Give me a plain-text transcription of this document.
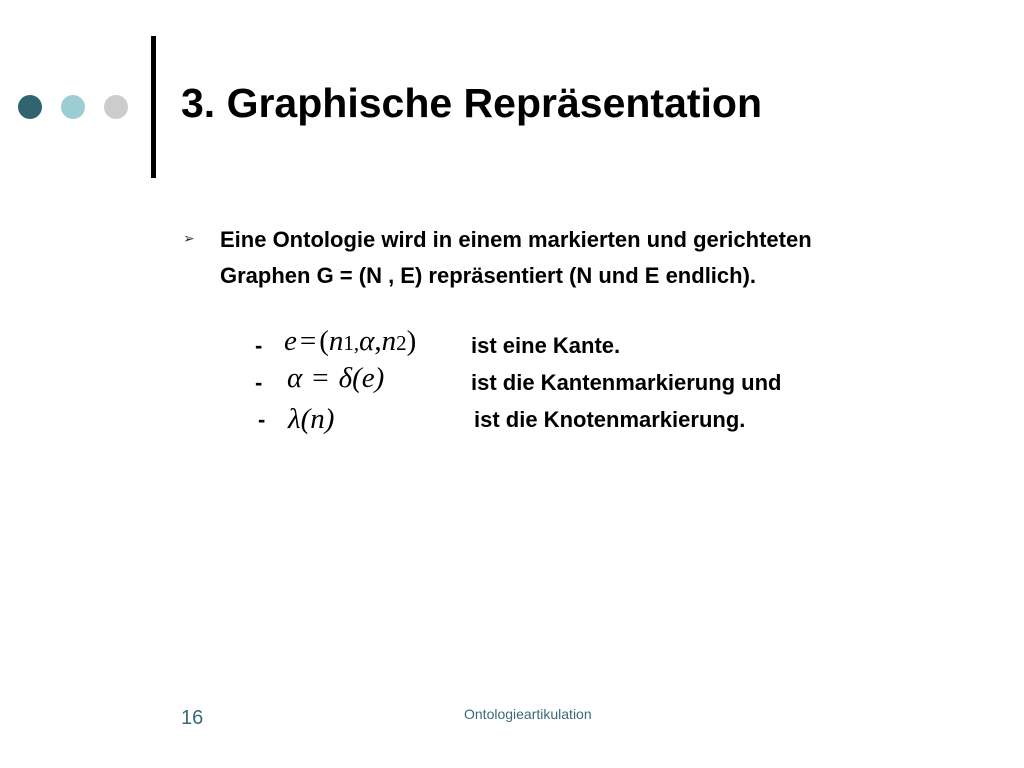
3. Graphische Repräsentation
➢ Eine Ontologie wird in einem markierten und gerichteten
Graphen G = (N , E) repräsentiert (N und E endlich).
- e = (n1,α,n2) ist eine Kante.
- α = δ(e)	ist die Kantenmarkierung und
- λ(n)	ist die Knotenmarkierung.
16	Ontologieartikulation
